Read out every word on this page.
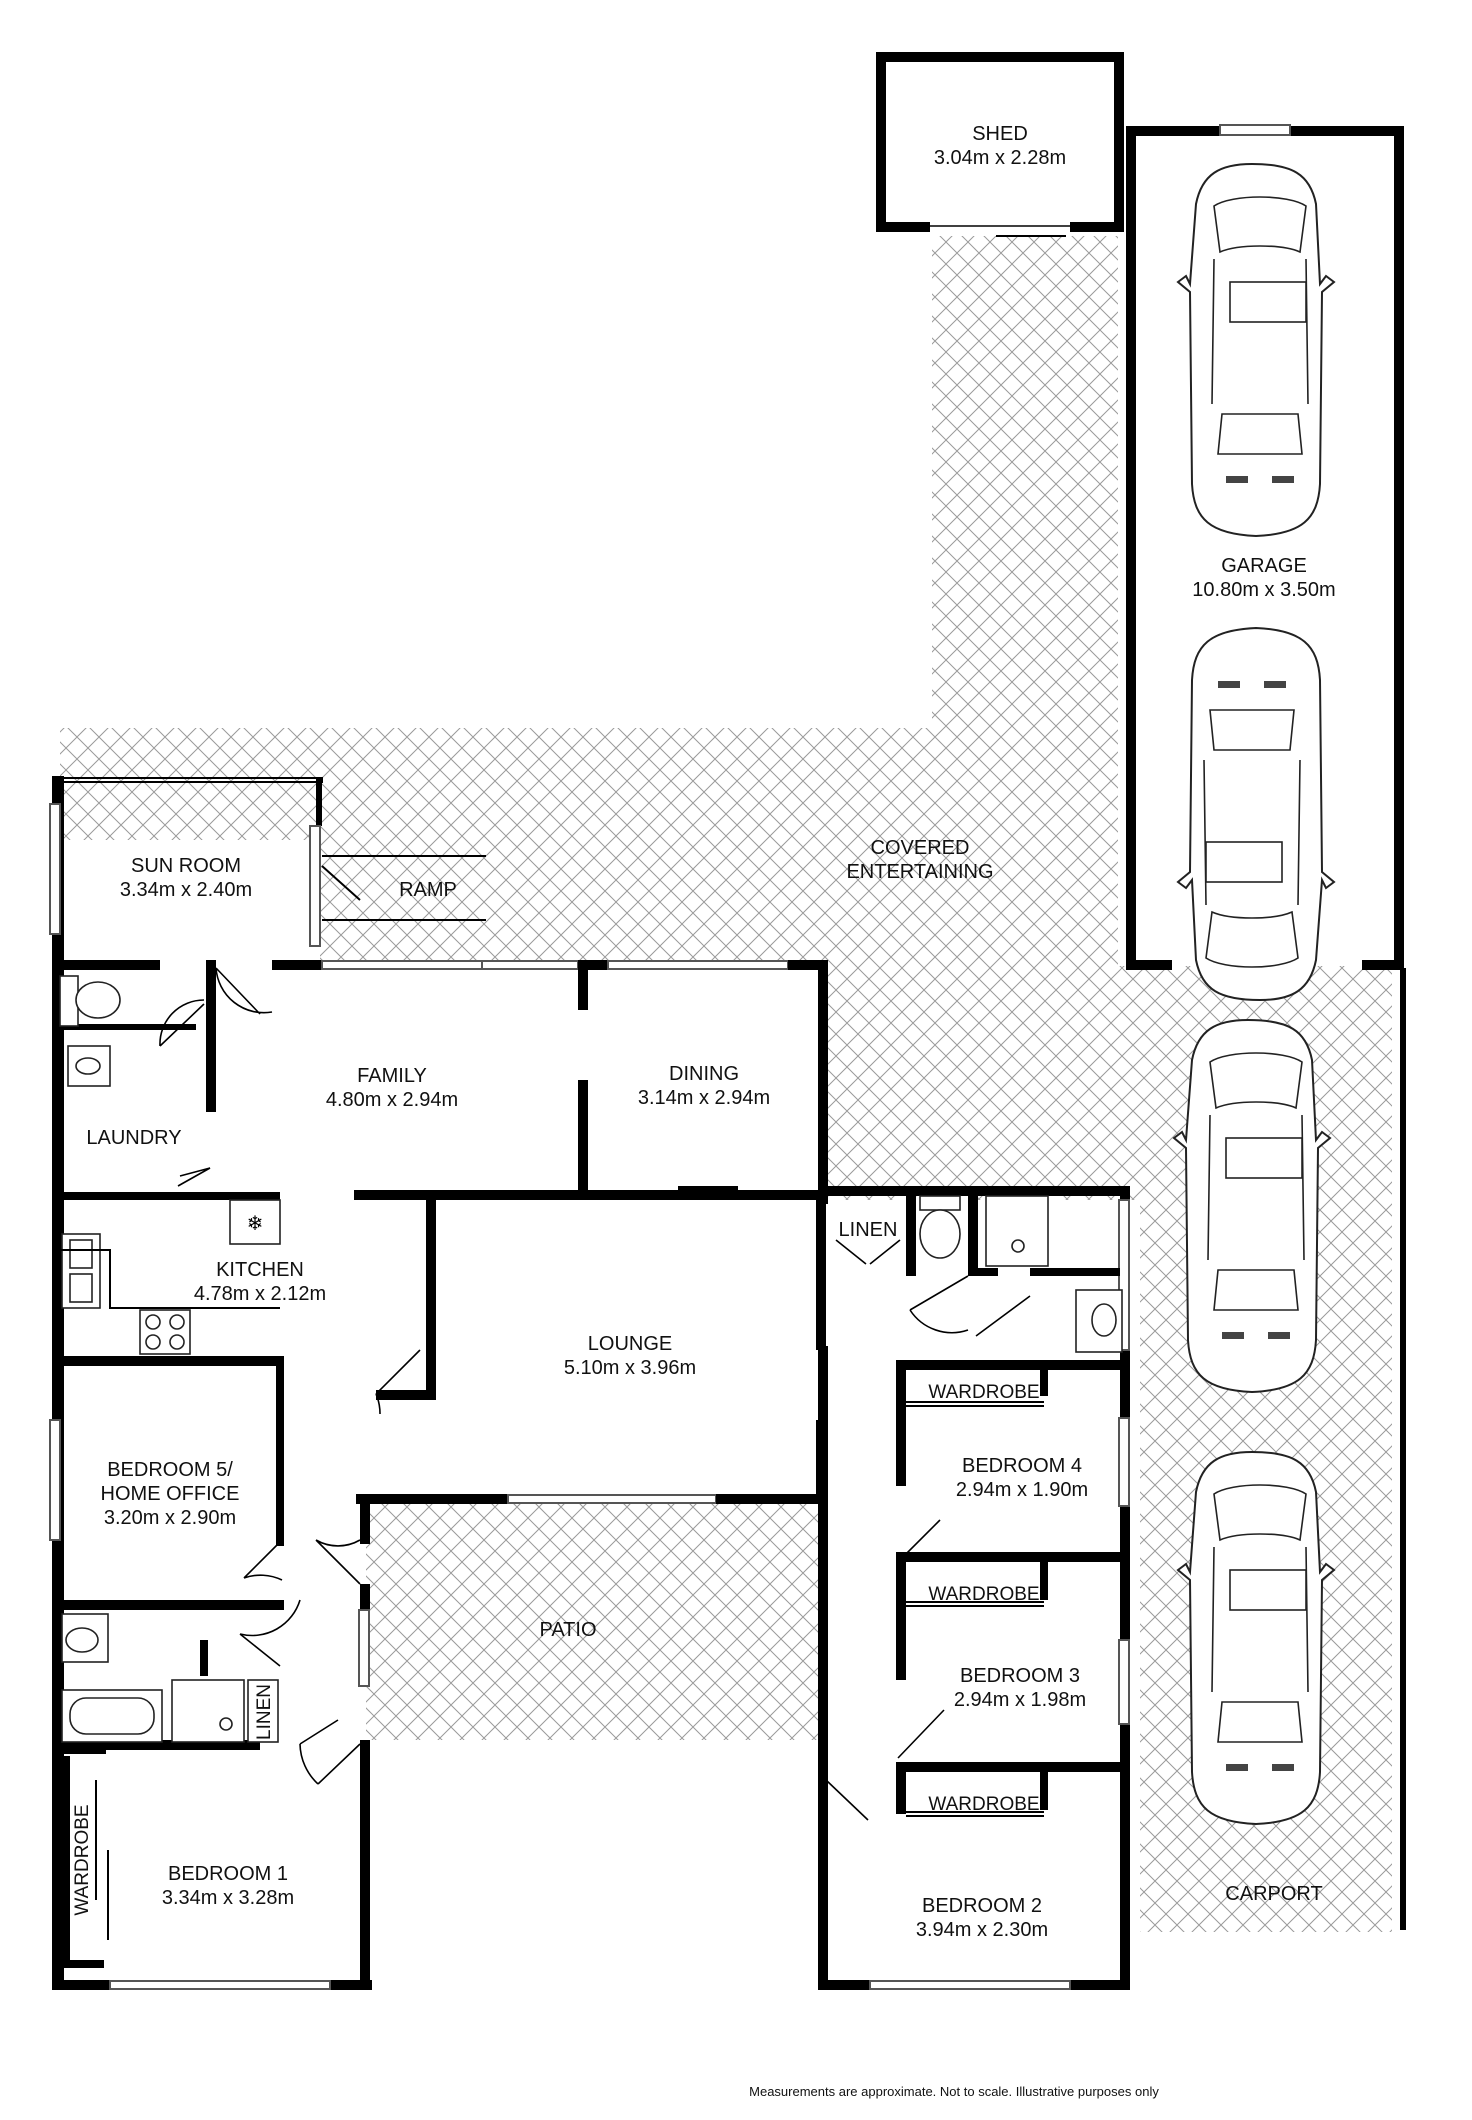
❄
SHED
3.04m x 2.28m
GARAGE
10.80m x 3.50m
COVERED
ENTERTAINING
SUN ROOM
3.34m x 2.40m	RAMP
FAMILY
4.80m x 2.94m
DINING
3.14m x 2.94m
LAUNDRY
KITCHEN
4.78m x 2.12m
LOUNGE
5.10m x 3.96m
LINEN
BEDROOM 5/
HOME OFFICE
3.20m x 2.90m
WARDROBE
BEDROOM 4
2.94m x 1.90m
WARDROBE
BEDROOM 3
2.94m x 1.98m
WARDROBE
BEDROOM 2
3.94m x 2.30m
PATIO
CARPORT
LINEN
WARDROBE	BEDROOM 1
3.34m x 3.28m
Measurements are approximate. Not to scale. Illustrative purposes only
